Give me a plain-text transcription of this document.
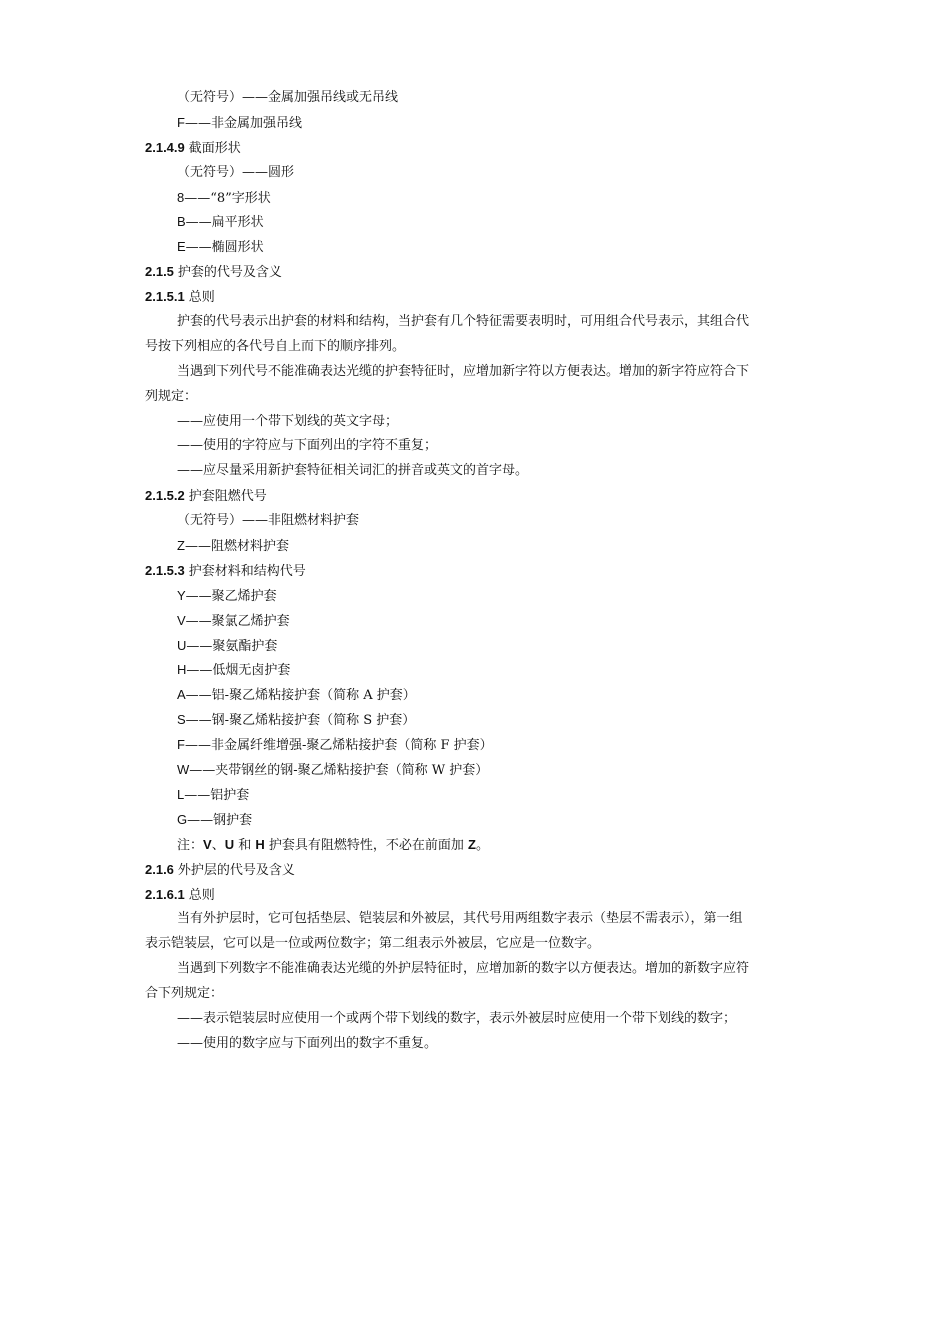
（无符号）——金属加强吊线或无吊线
F——非金属加强吊线
2.1.4.9 截面形状
（无符号）——圆形
8——“8”字形状
B——扁平形状
E——椭圆形状
2.1.5 护套的代号及含义
2.1.5.1 总则
护套的代号表示出护套的材料和结构，当护套有几个特征需要表明时，可用组合代号表示，其组合代
号按下列相应的各代号自上而下的顺序排列。
当遇到下列代号不能准确表达光缆的护套特征时，应增加新字符以方便表达。增加的新字符应符合下
列规定：
——应使用一个带下划线的英文字母；
——使用的字符应与下面列出的字符不重复；
——应尽量采用新护套特征相关词汇的拼音或英文的首字母。
2.1.5.2 护套阻燃代号
（无符号）——非阻燃材料护套
Z——阻燃材料护套
2.1.5.3 护套材料和结构代号
Y——聚乙烯护套
V——聚氯乙烯护套
U——聚氨酯护套
H——低烟无卤护套
A——铝-聚乙烯粘接护套（简称 A 护套）
S——钢-聚乙烯粘接护套（简称 S 护套）
F——非金属纤维增强-聚乙烯粘接护套（简称 F 护套）
W——夹带钢丝的钢-聚乙烯粘接护套（简称 W 护套）
L——铝护套
G——钢护套
注：V、U 和 H 护套具有阻燃特性，不必在前面加 Z。
2.1.6 外护层的代号及含义
2.1.6.1 总则
当有外护层时，它可包括垫层、铠装层和外被层，其代号用两组数字表示（垫层不需表示），第一组
表示铠装层，它可以是一位或两位数字；第二组表示外被层，它应是一位数字。
当遇到下列数字不能准确表达光缆的外护层特征时，应增加新的数字以方便表达。增加的新数字应符
合下列规定：
——表示铠装层时应使用一个或两个带下划线的数字，表示外被层时应使用一个带下划线的数字；
——使用的数字应与下面列出的数字不重复。
